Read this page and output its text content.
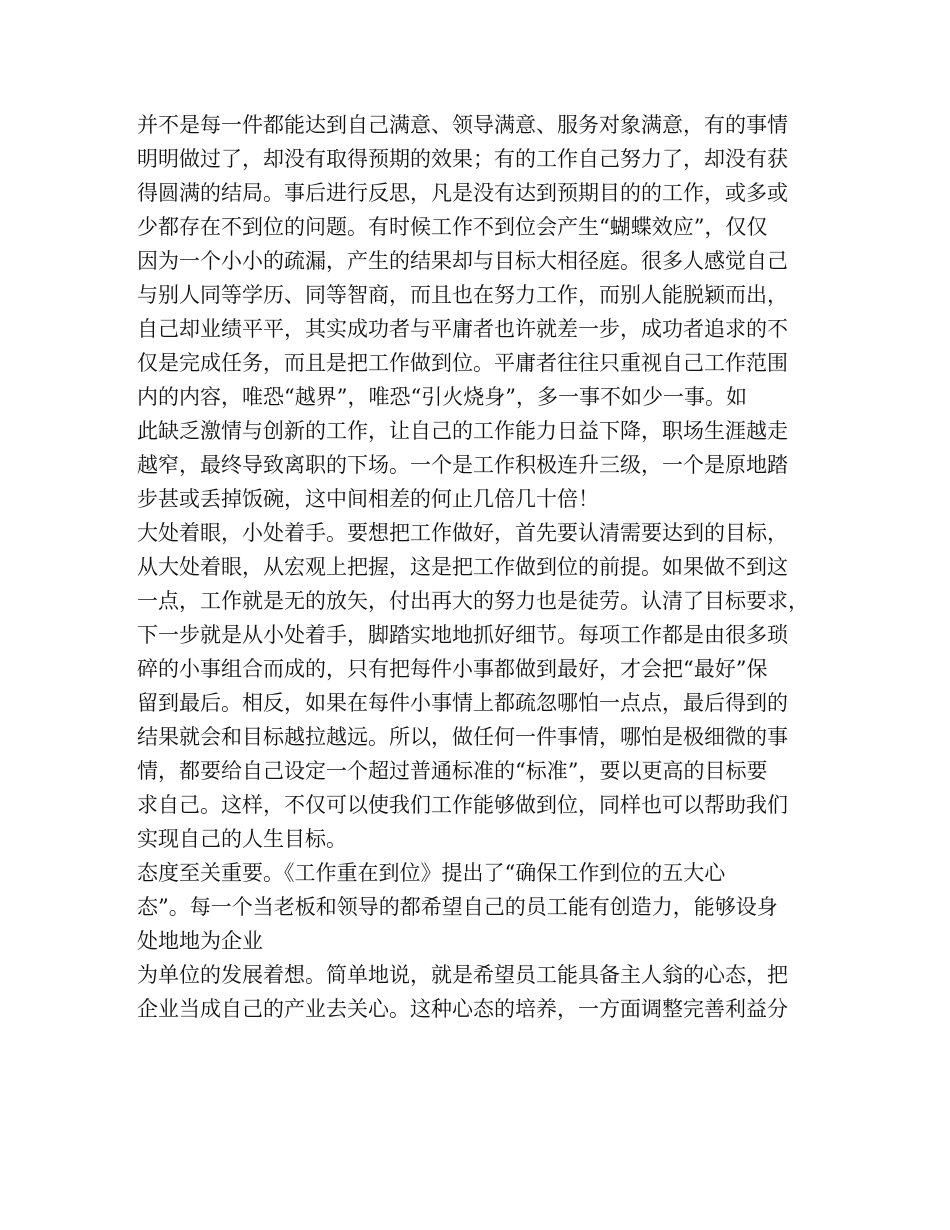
并不是每一件都能达到自己满意、领导满意、服务对象满意，有的事情
明明做过了，却没有取得预期的效果；有的工作自己努力了，却没有获
得圆满的结局。事后进行反思，凡是没有达到预期目的的工作，或多或
少都存在不到位的问题。有时候工作不到位会产生“蝴蝶效应”，仅仅
因为一个小小的疏漏，产生的结果却与目标大相径庭。很多人感觉自己
与别人同等学历、同等智商，而且也在努力工作，而别人能脱颖而出，
自己却业绩平平，其实成功者与平庸者也许就差一步，成功者追求的不
仅是完成任务，而且是把工作做到位。平庸者往往只重视自己工作范围
内的内容，唯恐“越界”，唯恐“引火烧身”，多一事不如少一事。如
此缺乏激情与创新的工作，让自己的工作能力日益下降，职场生涯越走
越窄，最终导致离职的下场。一个是工作积极连升三级，一个是原地踏
步甚或丢掉饭碗，这中间相差的何止几倍几十倍！
大处着眼，小处着手。要想把工作做好，首先要认清需要达到的目标，
从大处着眼，从宏观上把握，这是把工作做到位的前提。如果做不到这
一点，工作就是无的放矢，付出再大的努力也是徒劳。认清了目标要求，
下一步就是从小处着手，脚踏实地地抓好细节。每项工作都是由很多琐
碎的小事组合而成的，只有把每件小事都做到最好，才会把“最好”保
留到最后。相反，如果在每件小事情上都疏忽哪怕一点点，最后得到的
结果就会和目标越拉越远。所以，做任何一件事情，哪怕是极细微的事
情，都要给自己设定一个超过普通标准的“标准”，要以更高的目标要
求自己。这样，不仅可以使我们工作能够做到位，同样也可以帮助我们
实现自己的人生目标。
态度至关重要。《工作重在到位》提出了“确保工作到位的五大心
态”。每一个当老板和领导的都希望自己的员工能有创造力，能够设身
处地地为企业
为单位的发展着想。简单地说，就是希望员工能具备主人翁的心态，把
企业当成自己的产业去关心。这种心态的培养，一方面调整完善利益分
